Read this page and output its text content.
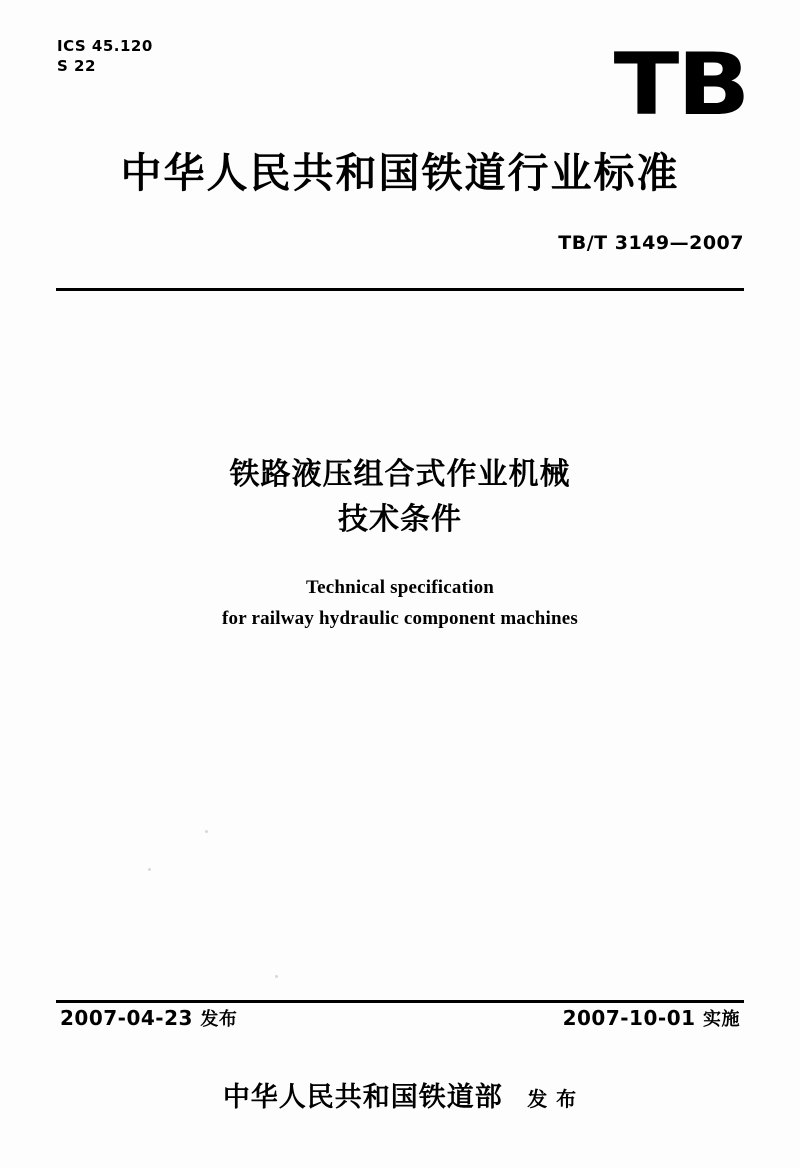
ICS 45.120
S 22	TB
中华人民共和国铁道行业标准
TB/T 3149—2007
铁路液压组合式作业机械
技术条件
Technical specification
for railway hydraulic component machines
2007-04-23 发布	2007-10-01 实施
中华人民共和国铁道部 发 布
